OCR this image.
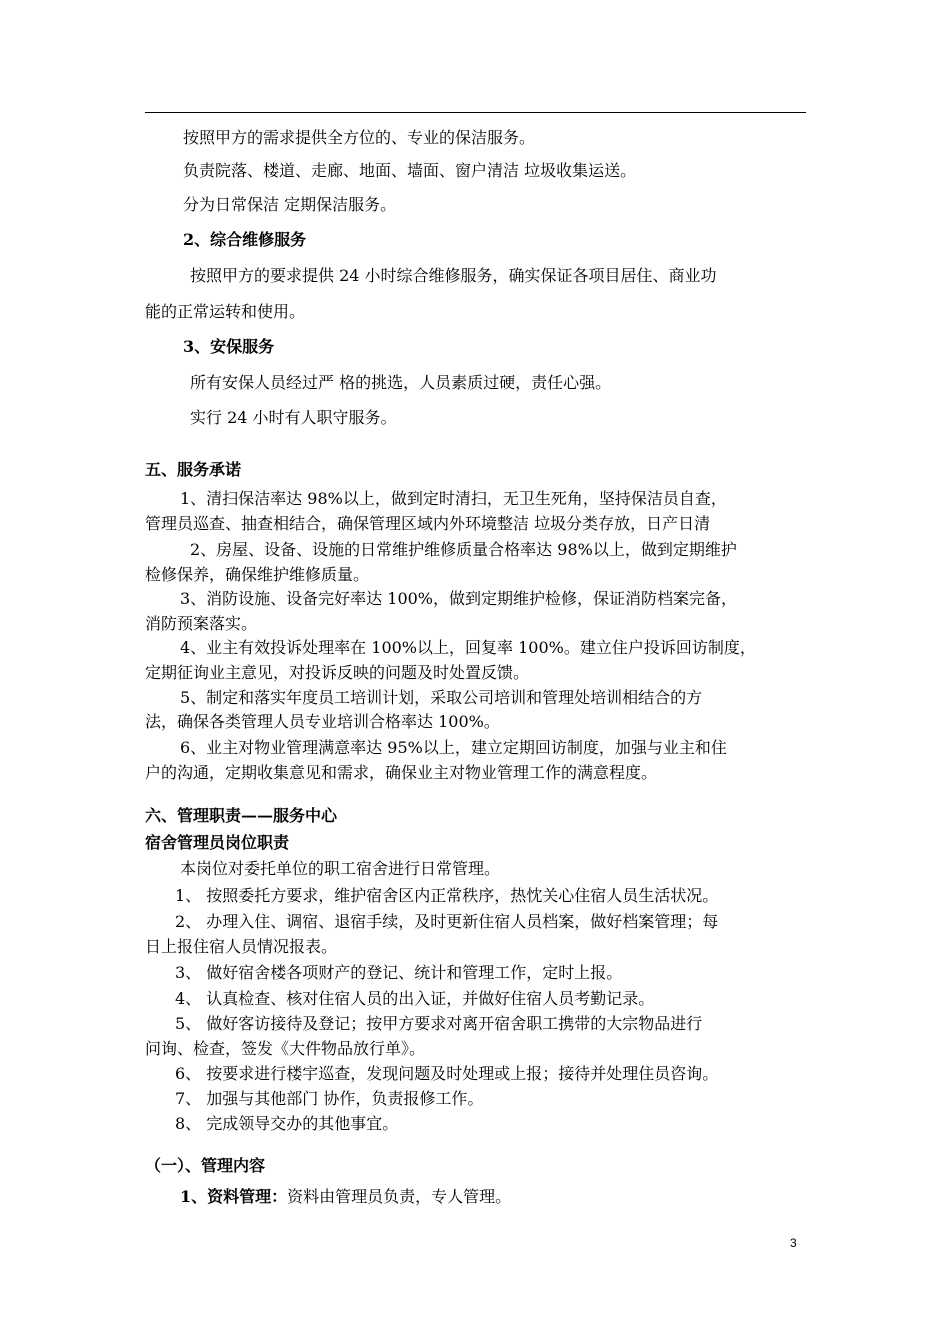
按照甲方的需求提供全方位的、专业的保洁服务。
负责院落、楼道、走廊、地面、墙面、窗户清洁 垃圾收集运送。
分为日常保洁 定期保洁服务。
2、综合维修服务
按照甲方的要求提供 24 小时综合维修服务，确实保证各项目居住、商业功
能的正常运转和使用。
3、安保服务
所有安保人员经过严 格的挑选，人员素质过硬，责任心强。
实行 24 小时有人职守服务。
五、服务承诺
1、清扫保洁率达 98%以上，做到定时清扫，无卫生死角，坚持保洁员自查，
管理员巡查、抽查相结合，确保管理区域内外环境整洁 垃圾分类存放，日产日清
2、房屋、设备、设施的日常维护维修质量合格率达 98%以上，做到定期维护
检修保养，确保维护维修质量。
3、消防设施、设备完好率达 100%，做到定期维护检修，保证消防档案完备，
消防预案落实。
4、业主有效投诉处理率在 100%以上，回复率 100%。建立住户投诉回访制度，
定期征询业主意见，对投诉反映的问题及时处置反馈。
5、制定和落实年度员工培训计划，采取公司培训和管理处培训相结合的方
法，确保各类管理人员专业培训合格率达 100%。
6、业主对物业管理满意率达 95%以上，建立定期回访制度，加强与业主和住
户的沟通，定期收集意见和需求，确保业主对物业管理工作的满意程度。
六、管理职责——服务中心
宿舍管理员岗位职责
本岗位对委托单位的职工宿舍进行日常管理。
1、 按照委托方要求，维护宿舍区内正常秩序，热忱关心住宿人员生活状况。
2、 办理入住、调宿、退宿手续，及时更新住宿人员档案，做好档案管理；每
日上报住宿人员情况报表。
3、 做好宿舍楼各项财产的登记、统计和管理工作，定时上报。
4、 认真检查、核对住宿人员的出入证，并做好住宿人员考勤记录。
5、 做好客访接待及登记；按甲方要求对离开宿舍职工携带的大宗物品进行
问询、检查，签发《大件物品放行单》。
6、 按要求进行楼宇巡查，发现问题及时处理或上报；接待并处理住员咨询。
7、 加强与其他部门 协作，负责报修工作。
8、 完成领导交办的其他事宜。
（一）、管理内容
1、资料管理：资料由管理员负责，专人管理。
3
